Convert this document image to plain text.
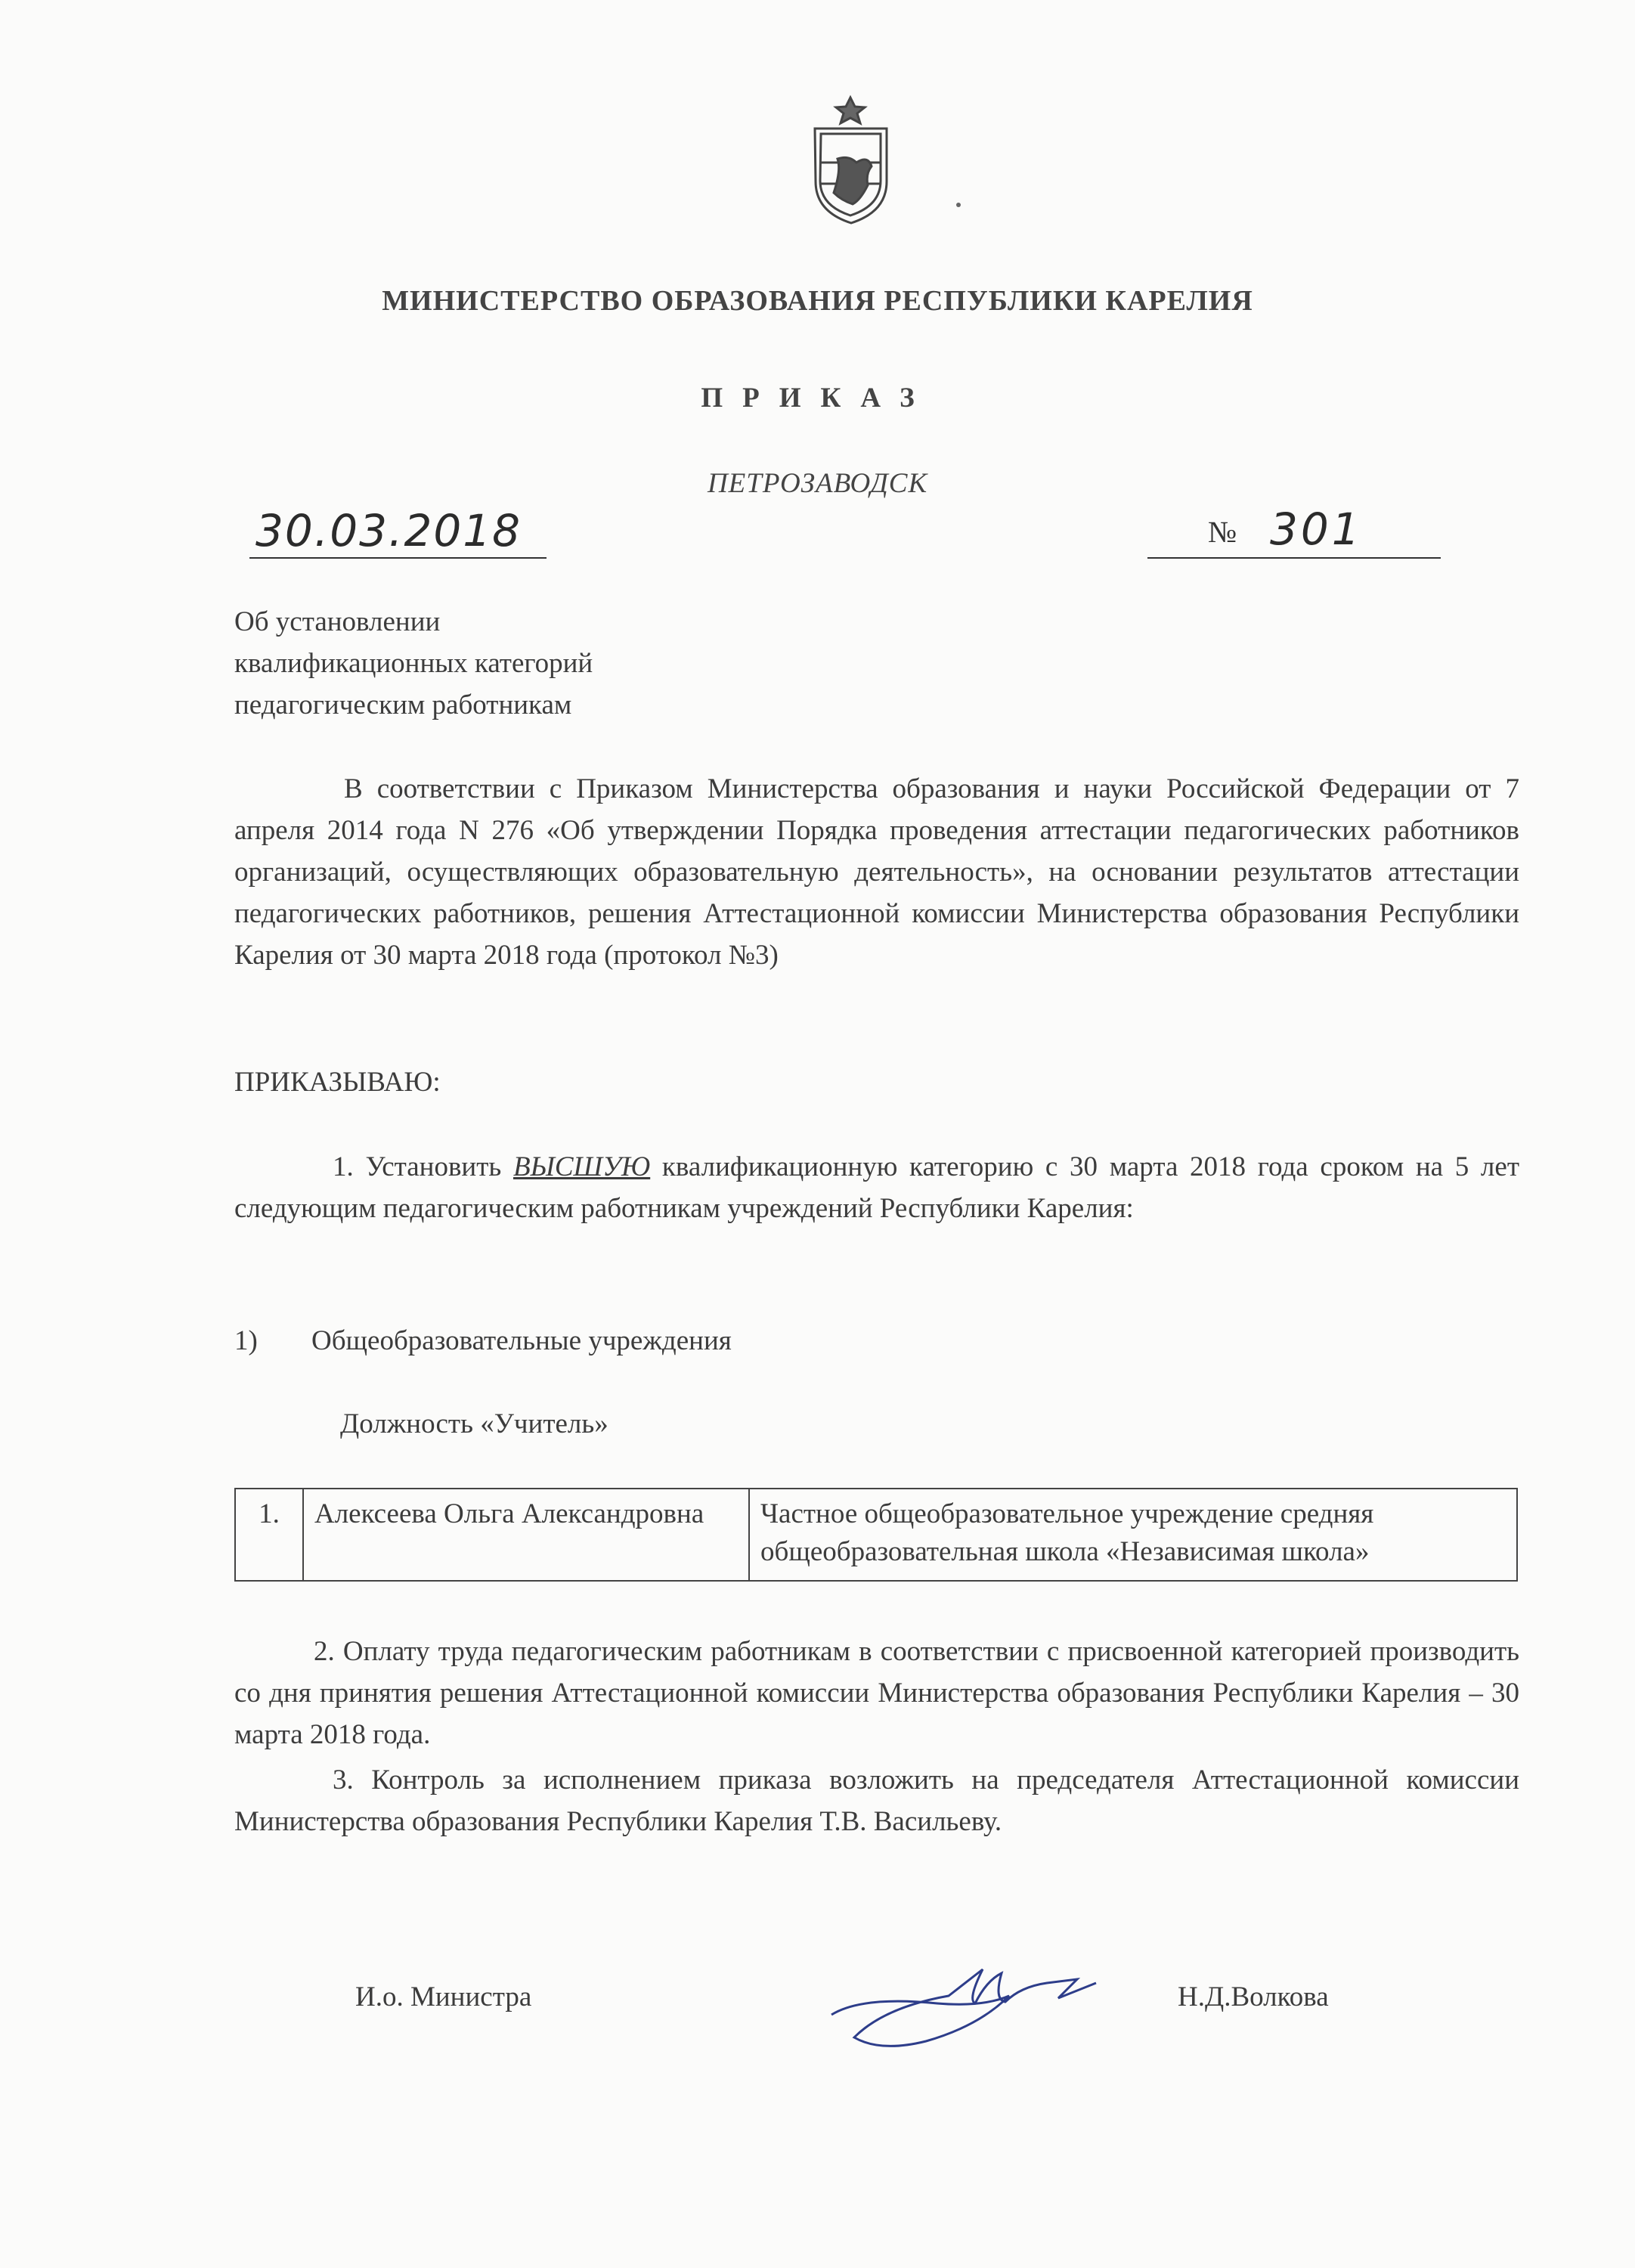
МИНИСТЕРСТВО ОБРАЗОВАНИЯ РЕСПУБЛИКИ КАРЕЛИЯ
ПРИКАЗ
ПЕТРОЗАВОДСК
30.03.2018	№ 301
Об установлении
квалификационных категорий
педагогическим работникам
В соответствии с Приказом Министерства образования и науки Российской Федерации от 7 апреля 2014 года N 276 «Об утверждении Порядка проведения аттестации педагогических работников организаций, осуществляющих образовательную деятельность», на основании результатов аттестации педагогических работников, решения Аттестационной комиссии Министерства образования Республики Карелия от 30 марта 2018 года (протокол №3)
ПРИКАЗЫВАЮ:
1. Установить ВЫСШУЮ квалификационную категорию с 30 марта 2018 года сроком на 5 лет следующим педагогическим работникам учреждений Республики Карелия:
1) Общеобразовательные учреждения
Должность «Учитель»
1.	Алексеева Ольга Александровна	Частное общеобразовательное учреждение средняя общеобразовательная школа «Независимая школа»
2. Оплату труда педагогическим работникам в соответствии с присвоенной категорией производить со дня принятия решения Аттестационной комиссии Министерства образования Республики Карелия – 30 марта 2018 года.
3. Контроль за исполнением приказа возложить на председателя Аттестационной комиссии Министерства образования Республики Карелия Т.В. Васильеву.
И.о. Министра	Н.Д.Волкова
